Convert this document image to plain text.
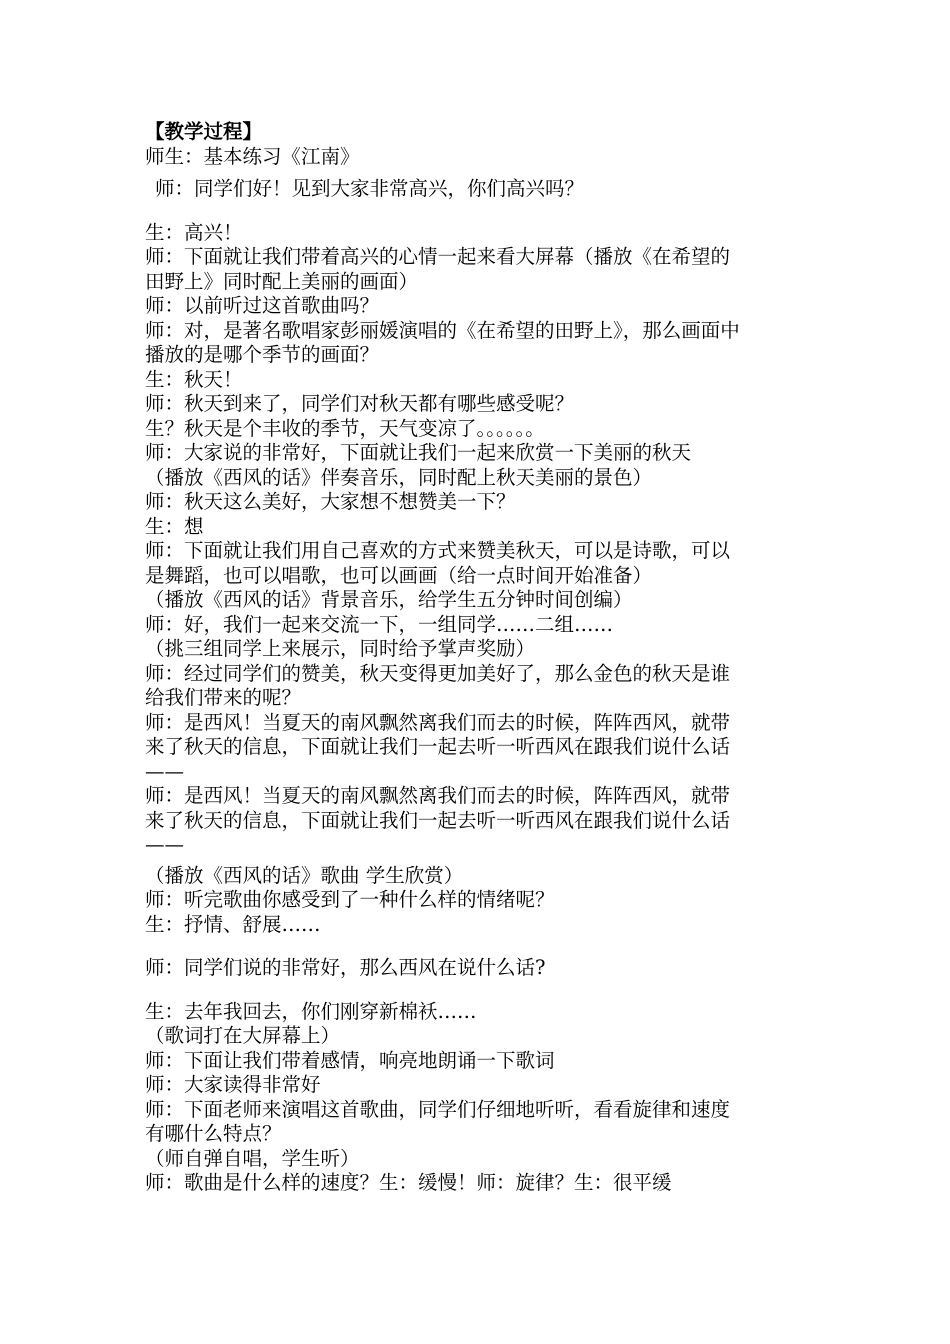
【教学过程】
师生：基本练习《江南》
师：同学们好！见到大家非常高兴，你们高兴吗？
生：高兴！
师：下面就让我们带着高兴的心情一起来看大屏幕（播放《在希望的
田野上》同时配上美丽的画面）
师：以前听过这首歌曲吗？
师：对，是著名歌唱家彭丽媛演唱的《在希望的田野上》，那么画面中
播放的是哪个季节的画面？
生：秋天！
师：秋天到来了，同学们对秋天都有哪些感受呢？
生？秋天是个丰收的季节，天气变凉了。。。。。。
师：大家说的非常好，下面就让我们一起来欣赏一下美丽的秋天
（播放《西风的话》伴奏音乐，同时配上秋天美丽的景色）
师：秋天这么美好，大家想不想赞美一下？
生：想
师：下面就让我们用自己喜欢的方式来赞美秋天，可以是诗歌，可以
是舞蹈，也可以唱歌，也可以画画（给一点时间开始准备）
（播放《西风的话》背景音乐，给学生五分钟时间创编）
师：好，我们一起来交流一下，一组同学……二组……
（挑三组同学上来展示，同时给予掌声奖励）
师：经过同学们的赞美，秋天变得更加美好了，那么金色的秋天是谁
给我们带来的呢？
师：是西风！当夏天的南风飘然离我们而去的时候，阵阵西风，就带
来了秋天的信息，下面就让我们一起去听一听西风在跟我们说什么话
——
师：是西风！当夏天的南风飘然离我们而去的时候，阵阵西风，就带
来了秋天的信息，下面就让我们一起去听一听西风在跟我们说什么话
——
（播放《西风的话》歌曲 学生欣赏）
师：听完歌曲你感受到了一种什么样的情绪呢？
生：抒情、舒展……
师：同学们说的非常好，那么西风在说什么话?
生：去年我回去，你们刚穿新棉袄……
（歌词打在大屏幕上）
师：下面让我们带着感情，响亮地朗诵一下歌词
师：大家读得非常好
师：下面老师来演唱这首歌曲，同学们仔细地听听，看看旋律和速度
有哪什么特点？
（师自弹自唱，学生听）
师：歌曲是什么样的速度？生：缓慢！师：旋律？生：很平缓
